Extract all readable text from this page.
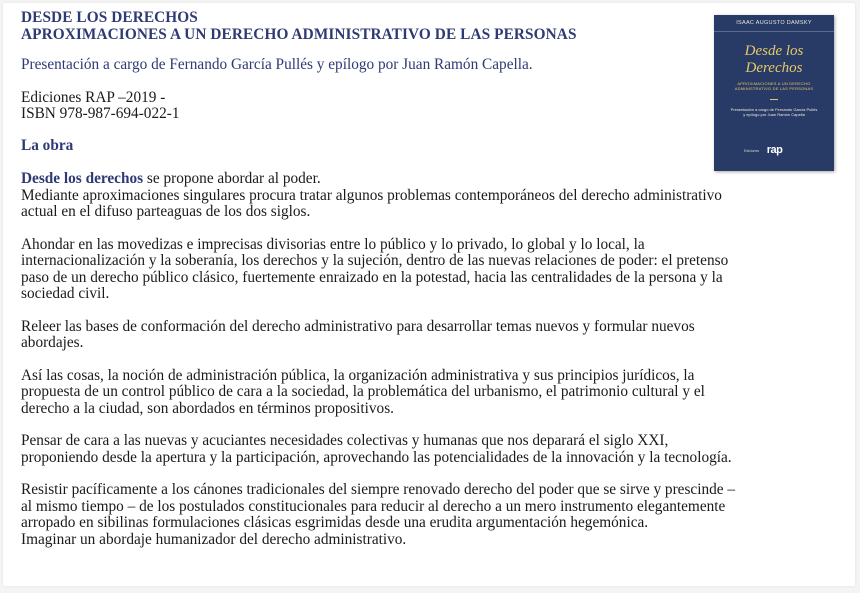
DESDE LOS DERECHOS
APROXIMACIONES A UN DERECHO ADMINISTRATIVO DE LAS PERSONAS
Presentación a cargo de Fernando García Pullés y epílogo por Juan Ramón Capella.
Ediciones RAP –2019 -
ISBN 978-987-694-022-1
La obra
Desde los derechos se propone abordar al poder.
Mediante aproximaciones singulares procura tratar algunos problemas contemporáneos del derecho administrativo
actual en el difuso parteaguas de los dos siglos.
Ahondar en las movedizas e imprecisas divisorias entre lo público y lo privado, lo global y lo local, la
internacionalización y la soberanía, los derechos y la sujeción, dentro de las nuevas relaciones de poder: el pretenso
paso de un derecho público clásico, fuertemente enraizado en la potestad, hacia las centralidades de la persona y la
sociedad civil.
Releer las bases de conformación del derecho administrativo para desarrollar temas nuevos y formular nuevos
abordajes.
Así las cosas, la noción de administración pública, la organización administrativa y sus principios jurídicos, la
propuesta de un control público de cara a la sociedad, la problemática del urbanismo, el patrimonio cultural y el
derecho a la ciudad, son abordados en términos propositivos.
Pensar de cara a las nuevas y acuciantes necesidades colectivas y humanas que nos deparará el siglo XXI,
proponiendo desde la apertura y la participación, aprovechando las potencialidades de la innovación y la tecnología.
Resistir pacíficamente a los cánones tradicionales del siempre renovado derecho del poder que se sirve y prescinde –
al mismo tiempo – de los postulados constitucionales para reducir al derecho a un mero instrumento elegantemente
arropado en sibilinas formulaciones clásicas esgrimidas desde una erudita argumentación hegemónica.
Imaginar un abordaje humanizador del derecho administrativo.
ISAAC AUGUSTO DAMSKY
Desde los
Derechos
APROXIMACIONES A UN DERECHO
ADMINISTRATIVO DE LAS PERSONAS
Presentación a cargo de Fernando García Pullés
y epílogo por Juan Ramón Capella
Ediciones rap
